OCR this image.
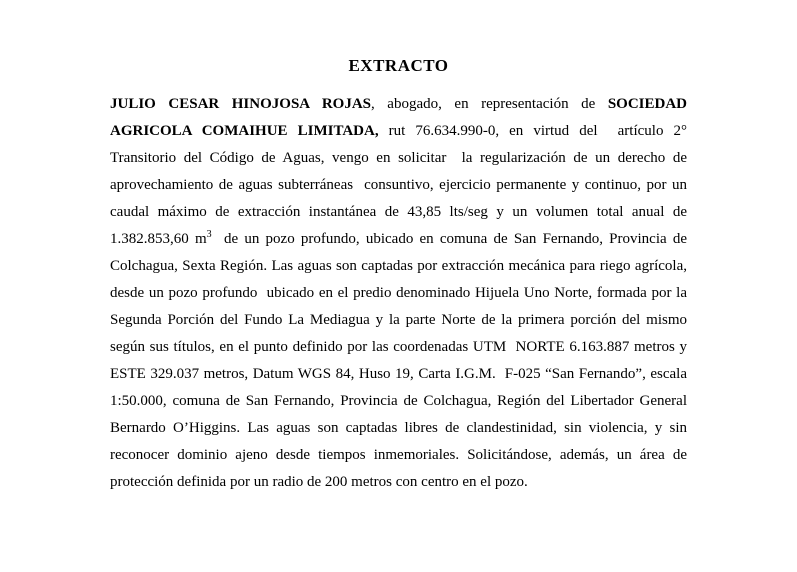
EXTRACTO

JULIO CESAR HINOJOSA ROJAS, abogado, en representación de SOCIEDAD AGRICOLA COMAIHUE LIMITADA, rut 76.634.990-0, en virtud del  artículo 2° Transitorio del Código de Aguas, vengo en solicitar  la regularización de un derecho de aprovechamiento de aguas subterráneas  consuntivo, ejercicio permanente y continuo, por un caudal máximo de extracción instantánea de 43,85 lts/seg y un volumen total anual de 1.382.853,60 $m^3$  de un pozo profundo, ubicado en comuna de San Fernando, Provincia de Colchagua, Sexta Región. Las aguas son captadas por extracción mecánica para riego agrícola, desde un pozo profundo  ubicado en el predio denominado Hijuela Uno Norte, formada por la Segunda Porción del Fundo La Mediagua y la parte Norte de la primera porción del mismo según sus títulos, en el punto definido por las coordenadas UTM  NORTE 6.163.887 metros y ESTE 329.037 metros, Datum WGS 84, Huso 19, Carta I.G.M.  F-025 “San Fernando”, escala 1:50.000, comuna de San Fernando, Provincia de Colchagua, Región del Libertador General Bernardo O’Higgins. Las aguas son captadas libres de clandestinidad, sin violencia, y sin reconocer dominio ajeno desde tiempos inmemoriales. Solicitándose, además, un área de protección definida por un radio de 200 metros con centro en el pozo.
